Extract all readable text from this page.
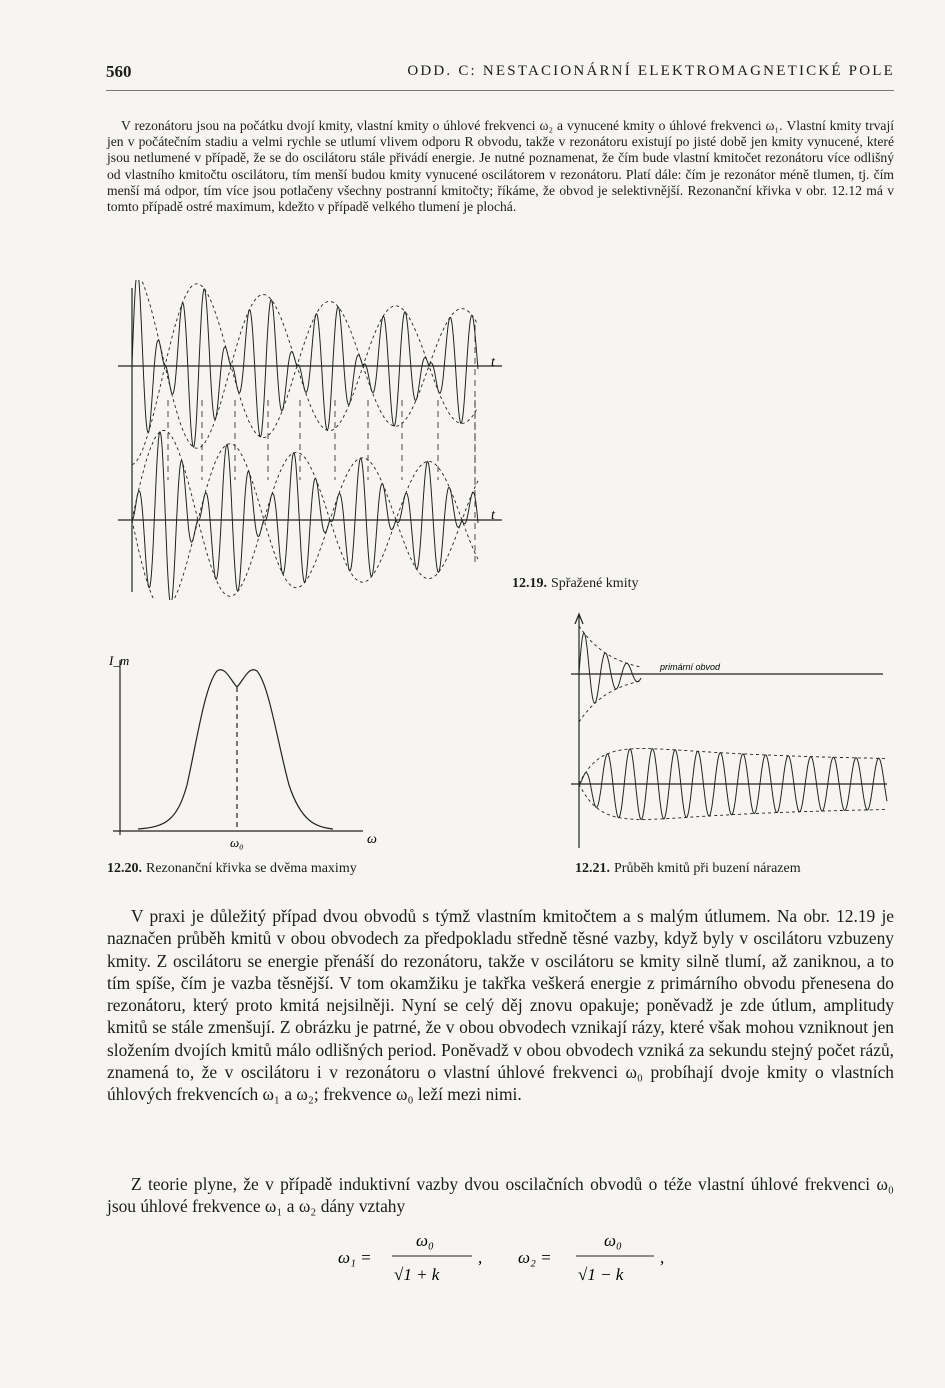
560	ODD. C: NESTACIONÁRNÍ ELEKTROMAGNETICKÉ POLE
V rezonátoru jsou na počátku dvojí kmity, vlastní kmity o úhlové frekvenci ω₂ a vynucené kmity o úhlové frekvenci ω₁. Vlastní kmity trvají jen v počátečním stadiu a velmi rychle se utlumí vlivem odporu R obvodu, takže v rezonátoru existují po jisté době jen kmity vynucené, které jsou netlumené v případě, že se do oscilátoru stále přivádí energie. Je nutné poznamenat, že čím bude vlastní kmitočet rezonátoru více odlišný od vlastního kmitočtu oscilátoru, tím menší budou kmity vynucené oscilátorem v rezonátoru. Platí dále: čím je rezonátor méně tlumen, tj. čím menší má odpor, tím více jsou potlačeny všechny postranní kmitočty; říkáme, že obvod je selektivnější. Rezonanční křivka v obr. 12.12 má v tomto případě ostré maximum, kdežto v případě velkého tlumení je plochá.
t
t
12.19. Spřažené kmity
I_m
ω₀	ω
12.20. Rezonanční křivka se dvěma maximy
primární obvod
12.21. Průběh kmitů při buzení nárazem
V praxi je důležitý případ dvou obvodů s týmž vlastním kmitočtem a s malým útlumem. Na obr. 12.19 je naznačen průběh kmitů v obou obvodech za předpokladu středně těsné vazby, když byly v oscilátoru vzbuzeny kmity. Z oscilátoru se energie přenáší do rezonátoru, takže v oscilátoru se kmity silně tlumí, až zaniknou, a to tím spíše, čím je vazba těsnější. V tom okamžiku je takřka veškerá energie z primárního obvodu přenesena do rezonátoru, který proto kmitá nejsilněji. Nyní se celý děj znovu opakuje; poněvadž je zde útlum, amplitudy kmitů se stále zmenšují. Z obrázku je patrné, že v obou obvodech vznikají rázy, které však mohou vzniknout jen složením dvojích kmitů málo odlišných period. Poněvadž v obou obvodech vzniká za sekundu stejný počet rázů, znamená to, že v oscilátoru i v rezonátoru o vlastní úhlové frekvenci ω₀ probíhají dvoje kmity o vlastních úhlových frekvencích ω₁ a ω₂; frekvence ω₀ leží mezi nimi.
Z teorie plyne, že v případě induktivní vazby dvou oscilačních obvodů o téže vlastní úhlové frekvenci ω₀ jsou úhlové frekvence ω₁ a ω₂ dány vztahy
ω₁ =
ω₀
√1 + k
, ω₂ =
ω₀
√1 − k
,
